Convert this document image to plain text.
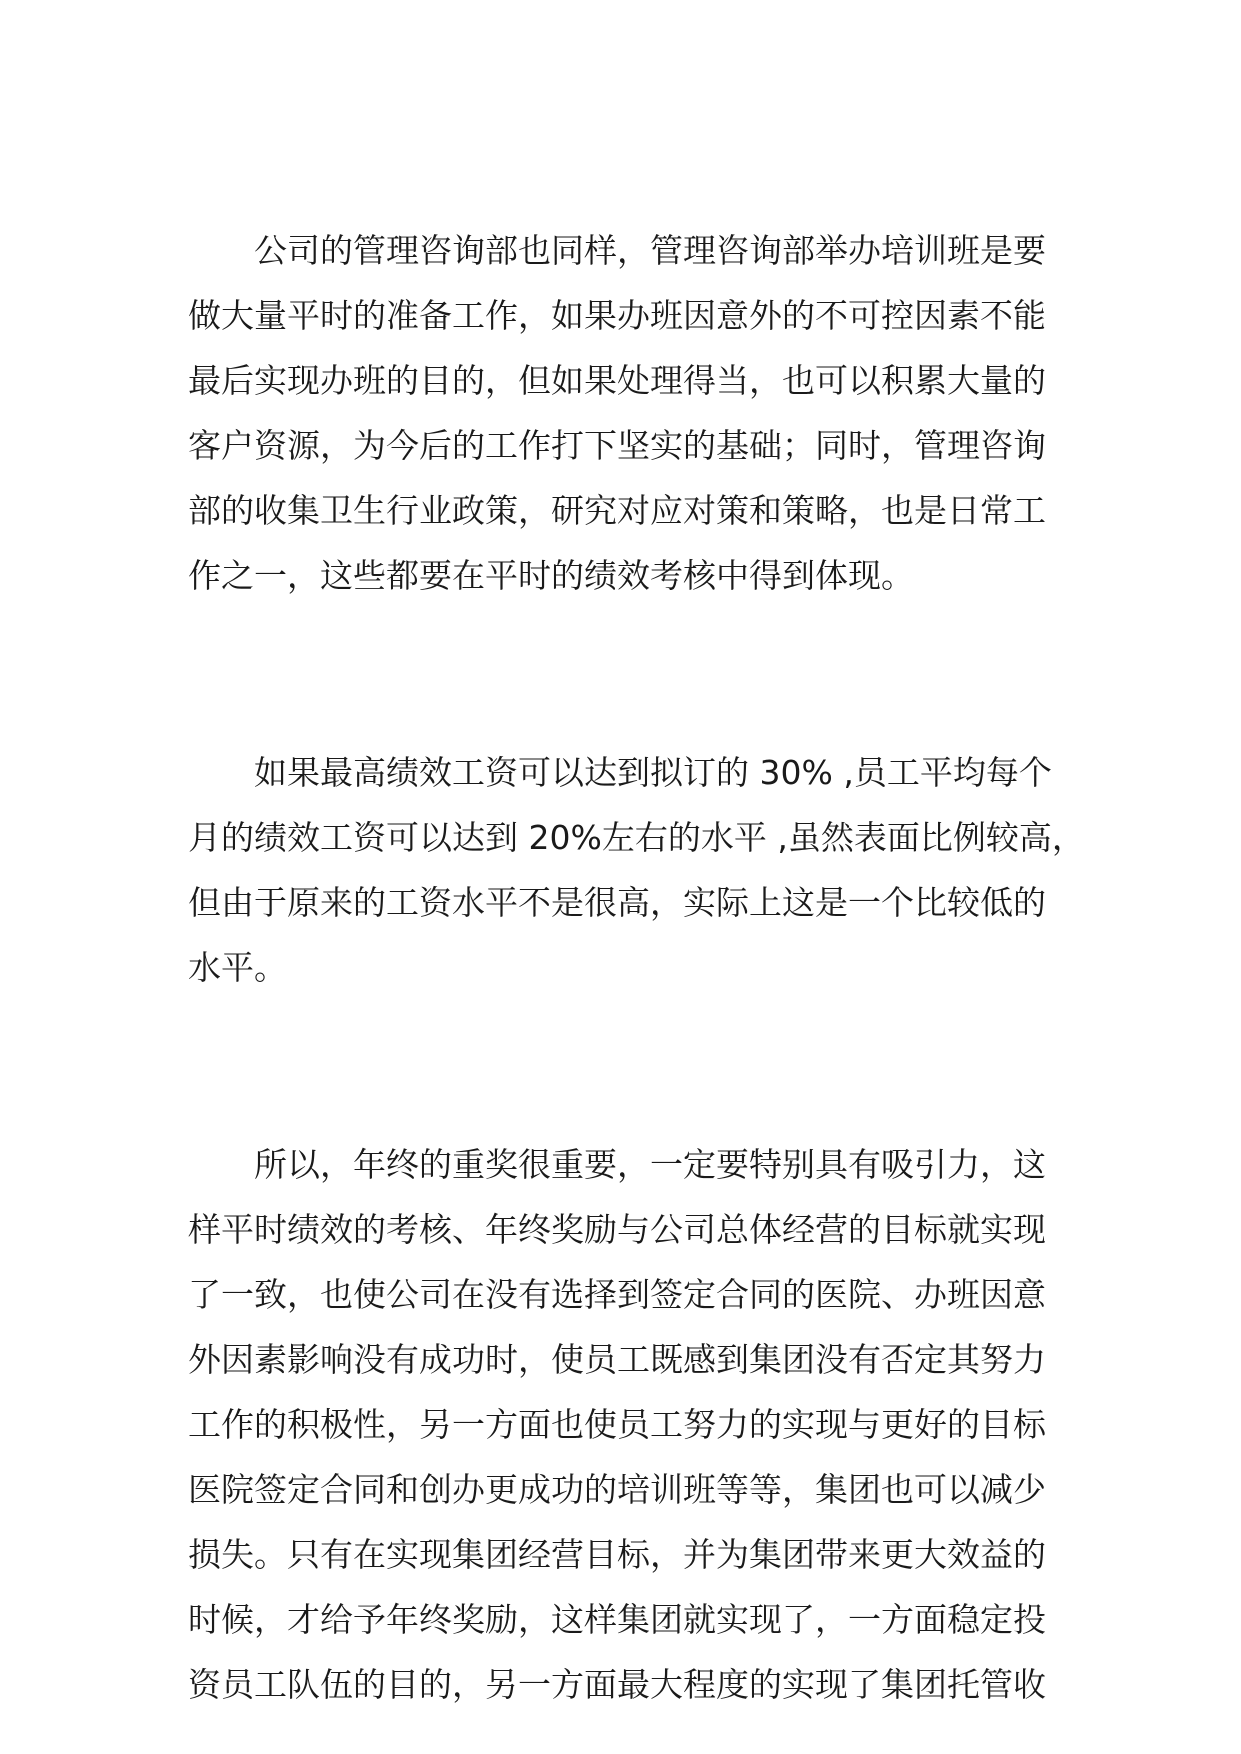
公司的管理咨询部也同样，管理咨询部举办培训班是要
做大量平时的准备工作，如果办班因意外的不可控因素不能
最后实现办班的目的，但如果处理得当，也可以积累大量的
客户资源，为今后的工作打下坚实的基础；同时，管理咨询
部的收集卫生行业政策，研究对应对策和策略，也是日常工
作之一，这些都要在平时的绩效考核中得到体现。
如果最高绩效工资可以达到拟订的 30% ,员工平均每个
月的绩效工资可以达到 20%左右的水平 ,虽然表面比例较高，
但由于原来的工资水平不是很高，实际上这是一个比较低的
水平。
所以，年终的重奖很重要，一定要特别具有吸引力，这
样平时绩效的考核、年终奖励与公司总体经营的目标就实现
了一致，也使公司在没有选择到签定合同的医院、办班因意
外因素影响没有成功时，使员工既感到集团没有否定其努力
工作的积极性，另一方面也使员工努力的实现与更好的目标
医院签定合同和创办更成功的培训班等等，集团也可以减少
损失。只有在实现集团经营目标，并为集团带来更大效益的
时候，才给予年终奖励，这样集团就实现了，一方面稳定投
资员工队伍的目的，另一方面最大程度的实现了集团托管收
